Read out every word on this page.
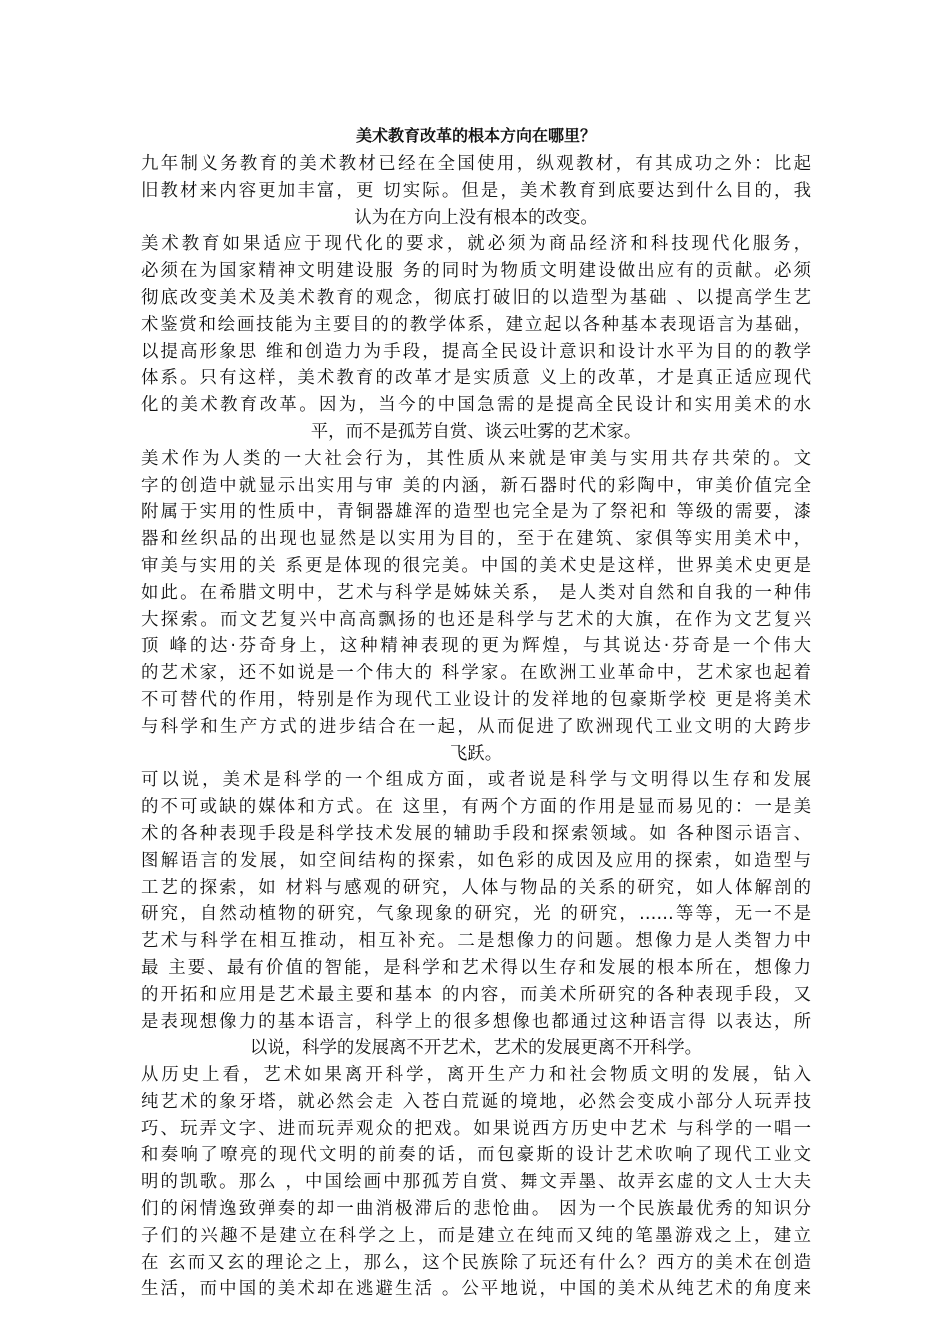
美术教育改革的根本方向在哪里？
九年制义务教育的美术教材已经在全国使用，纵观教材，有其成功之外：比起
旧教材来内容更加丰富，更 切实际。但是，美术教育到底要达到什么目的，我
认为在方向上没有根本的改变。
美术教育如果适应于现代化的要求，就必须为商品经济和科技现代化服务，
必须在为国家精神文明建设服 务的同时为物质文明建设做出应有的贡献。必须
彻底改变美术及美术教育的观念，彻底打破旧的以造型为基础 、以提高学生艺
术鉴赏和绘画技能为主要目的的教学体系，建立起以各种基本表现语言为基础，
以提高形象思 维和创造力为手段，提高全民设计意识和设计水平为目的的教学
体系。只有这样，美术教育的改革才是实质意 义上的改革，才是真正适应现代
化的美术教育改革。因为，当今的中国急需的是提高全民设计和实用美术的水
平，而不是孤芳自赏、谈云吐雾的艺术家。
美术作为人类的一大社会行为，其性质从来就是审美与实用共存共荣的。文
字的创造中就显示出实用与审 美的内涵，新石器时代的彩陶中，审美价值完全
附属于实用的性质中，青铜器雄浑的造型也完全是为了祭祀和 等级的需要，漆
器和丝织品的出现也显然是以实用为目的，至于在建筑、家俱等实用美术中，
审美与实用的关 系更是体现的很完美。中国的美术史是这样，世界美术史更是
如此。在希腊文明中，艺术与科学是姊妹关系， 是人类对自然和自我的一种伟
大探索。而文艺复兴中高高飘扬的也还是科学与艺术的大旗，在作为文艺复兴
顶 峰的达·芬奇身上，这种精神表现的更为辉煌，与其说达·芬奇是一个伟大
的艺术家，还不如说是一个伟大的 科学家。在欧洲工业革命中，艺术家也起着
不可替代的作用，特别是作为现代工业设计的发祥地的包豪斯学校 更是将美术
与科学和生产方式的进步结合在一起，从而促进了欧洲现代工业文明的大跨步
飞跃。
可以说，美术是科学的一个组成方面，或者说是科学与文明得以生存和发展
的不可或缺的媒体和方式。在 这里，有两个方面的作用是显而易见的：一是美
术的各种表现手段是科学技术发展的辅助手段和探索领域。如 各种图示语言、
图解语言的发展，如空间结构的探索，如色彩的成因及应用的探索，如造型与
工艺的探索，如 材料与感观的研究，人体与物品的关系的研究，如人体解剖的
研究，自然动植物的研究，气象现象的研究，光 的研究，……等等，无一不是
艺术与科学在相互推动，相互补充。二是想像力的问题。想像力是人类智力中
最 主要、最有价值的智能，是科学和艺术得以生存和发展的根本所在，想像力
的开拓和应用是艺术最主要和基本 的内容，而美术所研究的各种表现手段，又
是表现想像力的基本语言，科学上的很多想像也都通过这种语言得 以表达，所
以说，科学的发展离不开艺术，艺术的发展更离不开科学。
从历史上看，艺术如果离开科学，离开生产力和社会物质文明的发展，钻入
纯艺术的象牙塔，就必然会走 入苍白荒诞的境地，必然会变成小部分人玩弄技
巧、玩弄文字、进而玩弄观众的把戏。如果说西方历史中艺术 与科学的一唱一
和奏响了嘹亮的现代文明的前奏的话，而包豪斯的设计艺术吹响了现代工业文
明的凯歌。那么 ，中国绘画中那孤芳自赏、舞文弄墨、故弄玄虚的文人士大夫
们的闲情逸致弹奏的却一曲消极滞后的悲怆曲。 因为一个民族最优秀的知识分
子们的兴趣不是建立在科学之上，而是建立在纯而又纯的笔墨游戏之上，建立
在 玄而又玄的理论之上，那么，这个民族除了玩还有什么？西方的美术在创造
生活，而中国的美术却在逃避生活 。公平地说，中国的美术从纯艺术的角度来
